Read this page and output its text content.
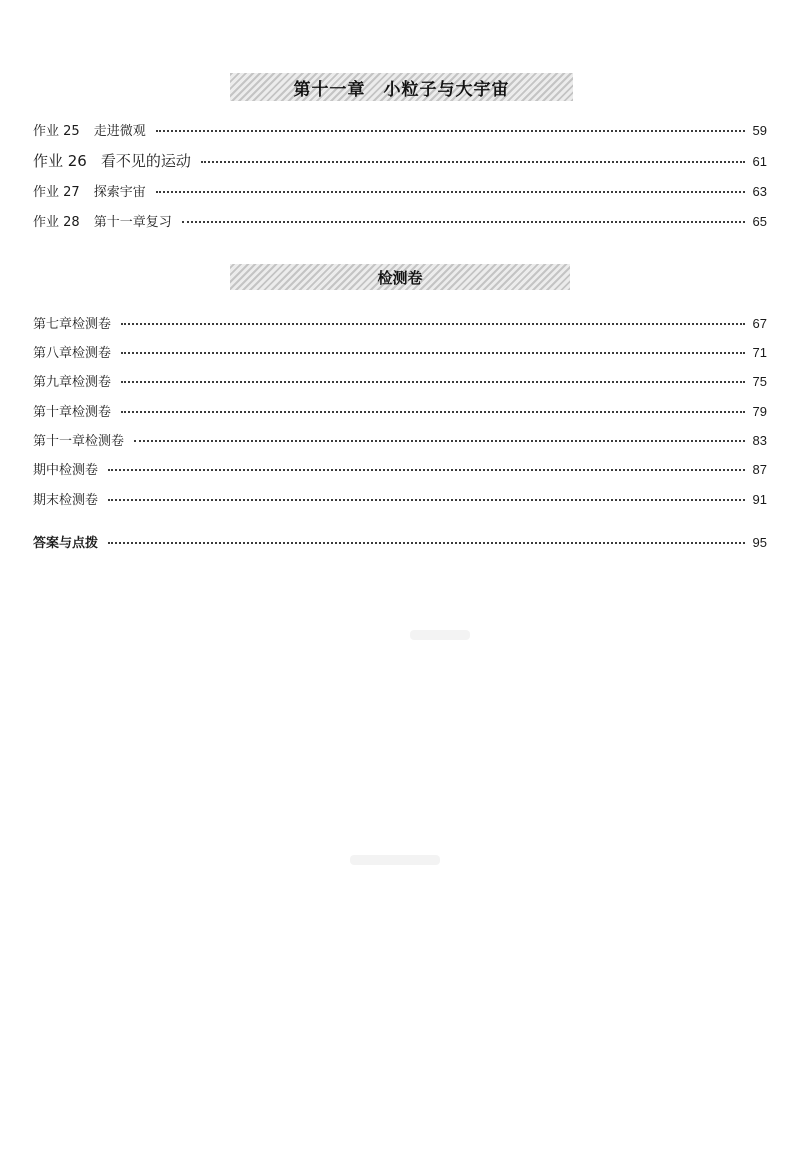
第十一章　小粒子与大宇宙
作业 25 走进微观	59
作业 26 看不见的运动	61
作业 27 探索宇宙	63
作业 28 第十一章复习	65
检测卷
第七章检测卷	67
第八章检测卷	71
第九章检测卷	75
第十章检测卷	79
第十一章检测卷	83
期中检测卷	87
期末检测卷	91
答案与点拨	95
